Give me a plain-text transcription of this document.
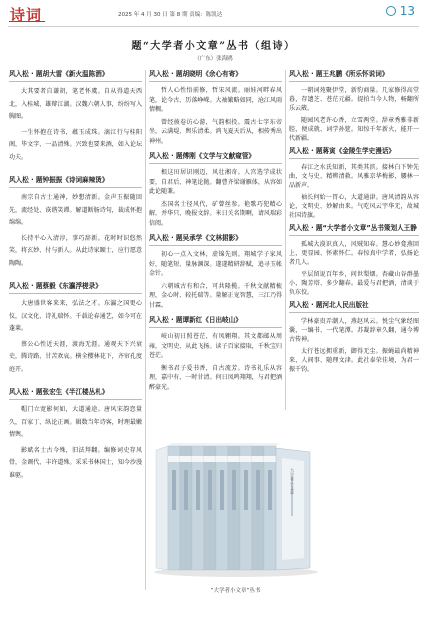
诗词	2025 年 4 月 30 日 第 8 期 责编：陈凯达	13
题“大学者小文章”丛书（组诗）
（广东）张海鸥
风入松 · 题胡大雷《新火温陈酒》

大其要者自谦胡，笔老怀虞。自从得道天西北，入桂城、雄辩江湖。汉魏六朝人事，纷纷写入胸图。

一生怀抱在诗书，蕴玉成珠。漓江行与桂阳阁，毕文字、一品清殊。兴致也要来酒，如入论坛功夫。

风入松 · 题钟振振《诗词麻辣烫》

南宗自古士通神，妙想清新。金声玉振随回先，流经处、诙谐笑谭。解道断肠诗句，裁成怀抱绵绵。

长持平心入清淳，事巧辞新。花时时识悠然笑，将玄妙、付与新人。从此诗家颐士，应行愿意陶陶。

风入松 · 题蔡毅《东瀛浮槎录》

大唐盛世客来来，弘法之才。东瀛之国更心仪，汉文化、诗礼瑞怀。千载论春通艺，如今可在蓬莱。

蔡公心性近天涯，渡海无涯。通观天下兴衰史，腾诗路、甘苦欢哀。横全樱林花下，齐帘孔度庭开。

风入松 · 题张宏生《半江楼丛札》

帽门立宽影何如，大道通途。唐风宋韵恋量久，百家丁、纵论正画。辑数当年诗客，时理最嫩情舆。

影斌名士古今殊，旧法拜翻。编修词史存风骨，金调代、丰许道殊。采采书林国士，知今沙漫谁驱。

风入松 · 题胡晓明《余心有寄》

哲人心性悟前修，哲宋风流。丽娃河畔春风笔，论今古、历落峥嵘。大袖繁略如同，沧江风雨情稠。

曾经披卷访心游，气韵相投。震古七字东帝坐，云满堤、舆乐清柔。鸿飞夏天后从，相传秀出神州。

风入松 · 题傅刚《文学与文献窥管》

根这田居识刚迈，风壮湘奇。人宫选学成状要，自君后、神笔论抛。翻曹齐梁谢雁体，从容如此论随兼。

杰国名士径风代，矿曾丝参。艳歌巧犯精心解，并华只、晚报文辞。米日关名期啊，请风瑞彩信阅。

风入松 · 题吴承学《文林捃影》

初心一点入文林，虚锦先则。翔城学子家风好，随笔短、量脉渊深。遂遂精研辞赋，追寻玉帐金针。

六朝城古有和合，可共隆揽。千秋文献精梳理，金心时、较托瑞等。量解正宠智慧，三江乃得甘霖。

风入松 · 题谭新红《日出岐山》

岐山初日照苍茫，有凤翱翔。其文都邮从周雍，文明史、从此飞扬。读子百家接取，千秋宝归苍茫。

衡书君子爱书香，自古流芳。诗书礼乐从容理，嘉中有、一时甘清。何日凤鸣翔翔，与君把酒醉豪光。

风入松 · 题王兆鹏《所乐怀说词》

一朝词苑聚伊堂，新豹商量。几家修得高堂暮，存遗芝、苍茫元疆。提拍当今人物，畅翻所乐云葳。

随园风老许心香，立雪两堂。辞章秀雅非新腔，便成就、词学孙筵。知惊千年新火，能开一代新疆。

风入松 · 题蒋寅《金陵生学史漫话》

春江之水氏知新，其类其滨。接林白下钟先曲，文与史、精辨清救。风雅京华梅影，腰林一品新声。

袖长何始一胃心，大道通津。唐风清韵从容论，文明史、妙解由来。气吃风云宇华无，故城社国诗旗。

风入松 · 题“大学者小文章”丛书策划人王静

孤城大漠识真人，风贼知春。慧心妙龛燕回上，更显园、怀素怀仁。春惊真中学者，弘扬论者几人。

平层留说百年乡，问世梨烟。杏藏山谷群墨小，陶芳塔、多少翻春。最爱与君把酒，清谈于负东佼。

风入松 · 题河北人民出版社

学林豪贵弄潮人，燕赵风云。悦尘气象经图囊，一编书、一代笔潭。苏凝辞章久翻，通今博古传神。

太行苍远拥重新，御得无尘。振蝇最尚精神来，人间事、随理文津。此社泰荣佳境，为君一振千钧。

大学者小文章
“大学者小文章”丛书
